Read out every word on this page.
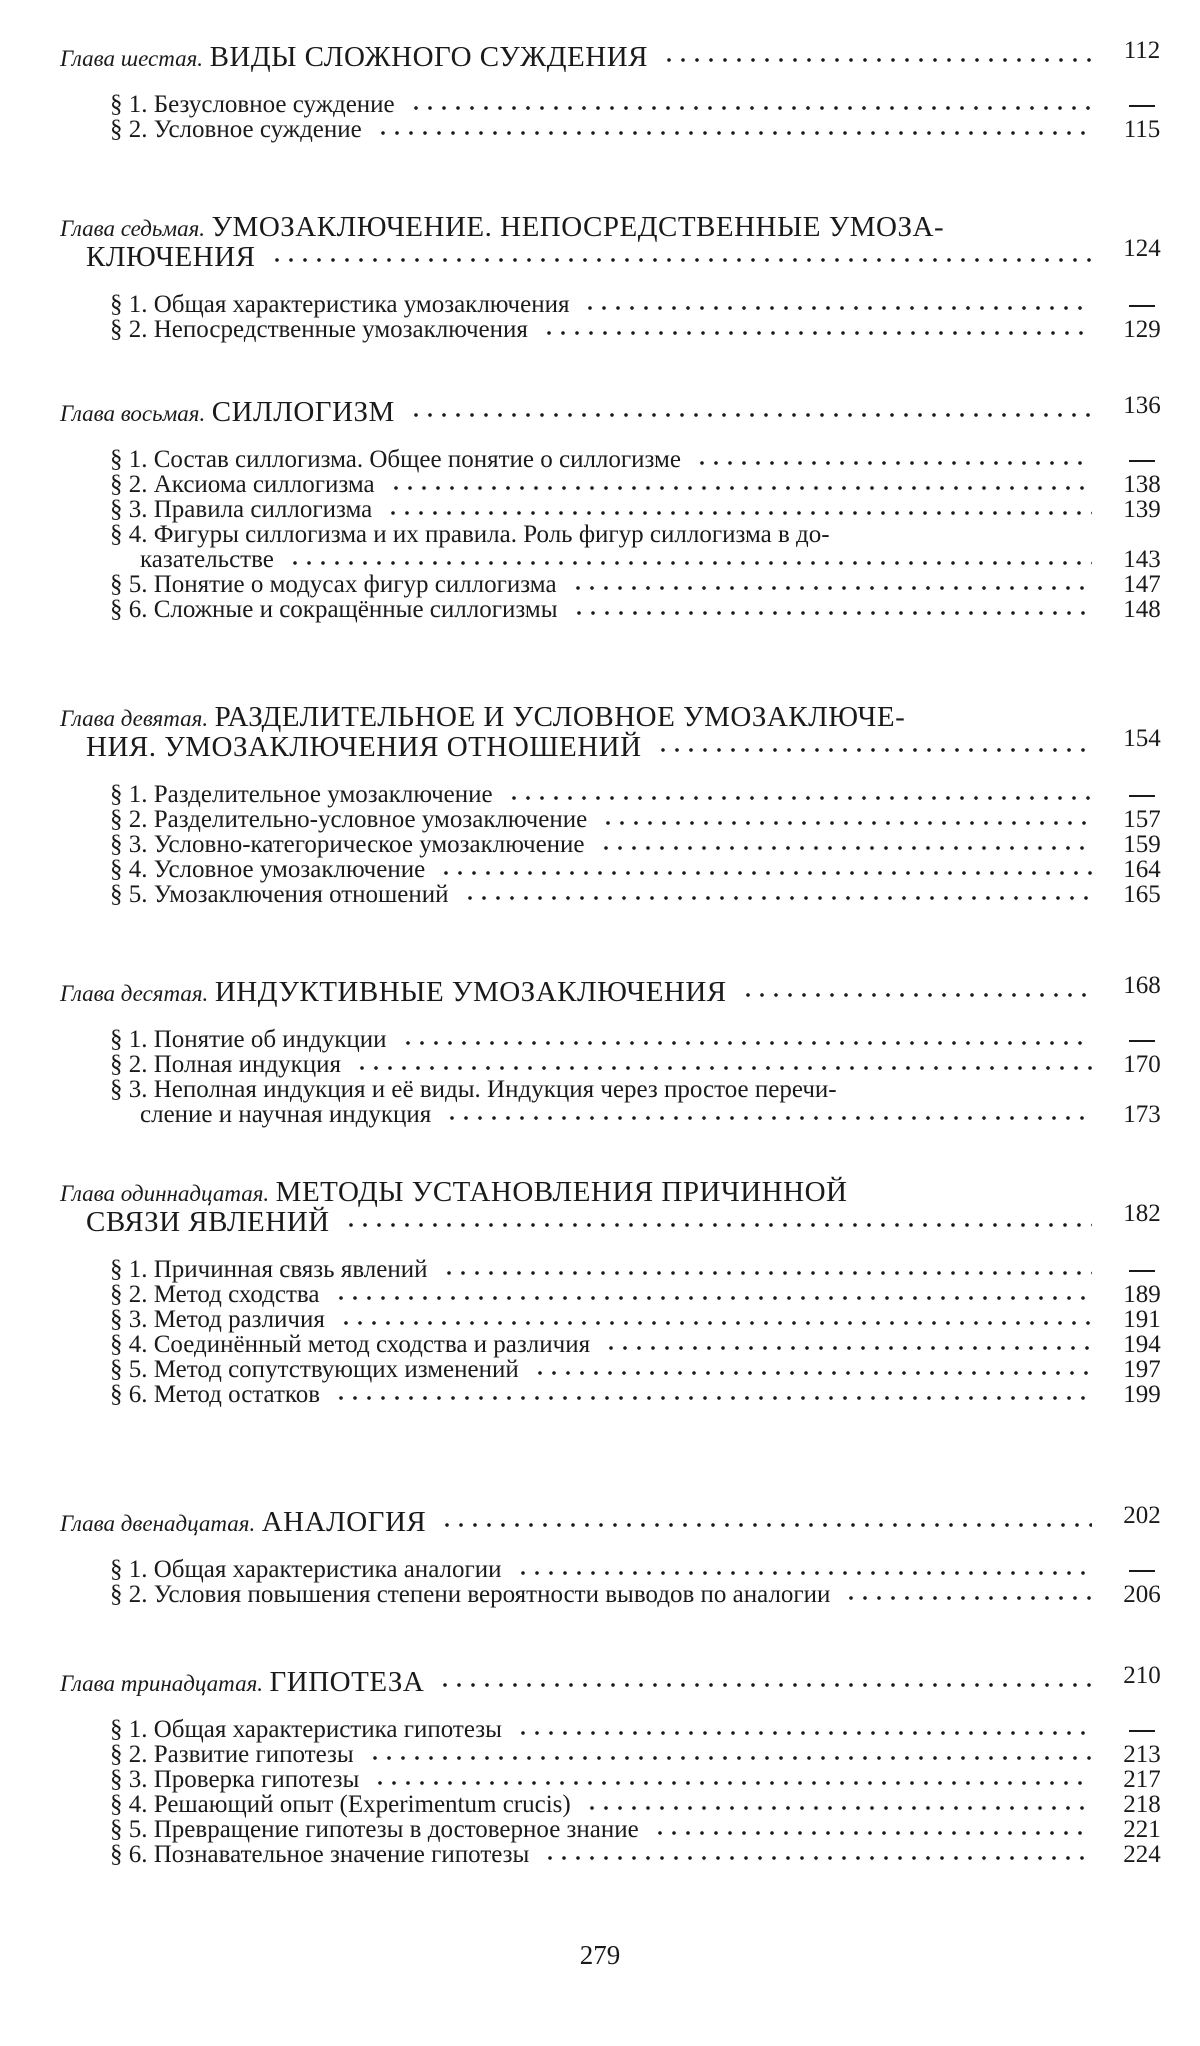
Глава шестая. ВИДЫ СЛОЖНОГО СУЖДЕНИЯ	112
§ 1. Безусловное суждение
§ 2. Условное суждение	115
Глава седьмая. УМОЗАКЛЮЧЕНИЕ. НЕПОСРЕДСТВЕННЫЕ УМОЗА-
КЛЮЧЕНИЯ	124
§ 1. Общая характеристика умозаключения
§ 2. Непосредственные умозаключения	129
Глава восьмая. СИЛЛОГИЗМ	136
§ 1. Состав силлогизма. Общее понятие о силлогизме
§ 2. Аксиома силлогизма	138
§ 3. Правила силлогизма	139
§ 4. Фигуры силлогизма и их правила. Роль фигур силлогизма в до-
казательстве	143
§ 5. Понятие о модусах фигур силлогизма	147
§ 6. Сложные и сокращённые силлогизмы	148
Глава девятая. РАЗДЕЛИТЕЛЬНОЕ И УСЛОВНОЕ УМОЗАКЛЮЧЕ-
НИЯ. УМОЗАКЛЮЧЕНИЯ ОТНОШЕНИЙ	154
§ 1. Разделительное умозаключение
§ 2. Разделительно-условное умозаключение	157
§ 3. Условно-категорическое умозаключение	159
§ 4. Условное умозаключение	164
§ 5. Умозаключения отношений	165
Глава десятая. ИНДУКТИВНЫЕ УМОЗАКЛЮЧЕНИЯ	168
§ 1. Понятие об индукции
§ 2. Полная индукция	170
§ 3. Неполная индукция и её виды. Индукция через простое перечи-
сление и научная индукция	173
Глава одиннадцатая. МЕТОДЫ УСТАНОВЛЕНИЯ ПРИЧИННОЙ
СВЯЗИ ЯВЛЕНИЙ	182
§ 1. Причинная связь явлений
§ 2. Метод сходства	189
§ 3. Метод различия	191
§ 4. Соединённый метод сходства и различия	194
§ 5. Метод сопутствующих изменений	197
§ 6. Метод остатков	199
Глава двенадцатая. АНАЛОГИЯ	202
§ 1. Общая характеристика аналогии
§ 2. Условия повышения степени вероятности выводов по аналогии	206
Глава тринадцатая. ГИПОТЕЗА	210
§ 1. Общая характеристика гипотезы
§ 2. Развитие гипотезы	213
§ 3. Проверка гипотезы	217
§ 4. Решающий опыт (Experimentum crucis)	218
§ 5. Превращение гипотезы в достоверное знание	221
§ 6. Познавательное значение гипотезы	224
279
